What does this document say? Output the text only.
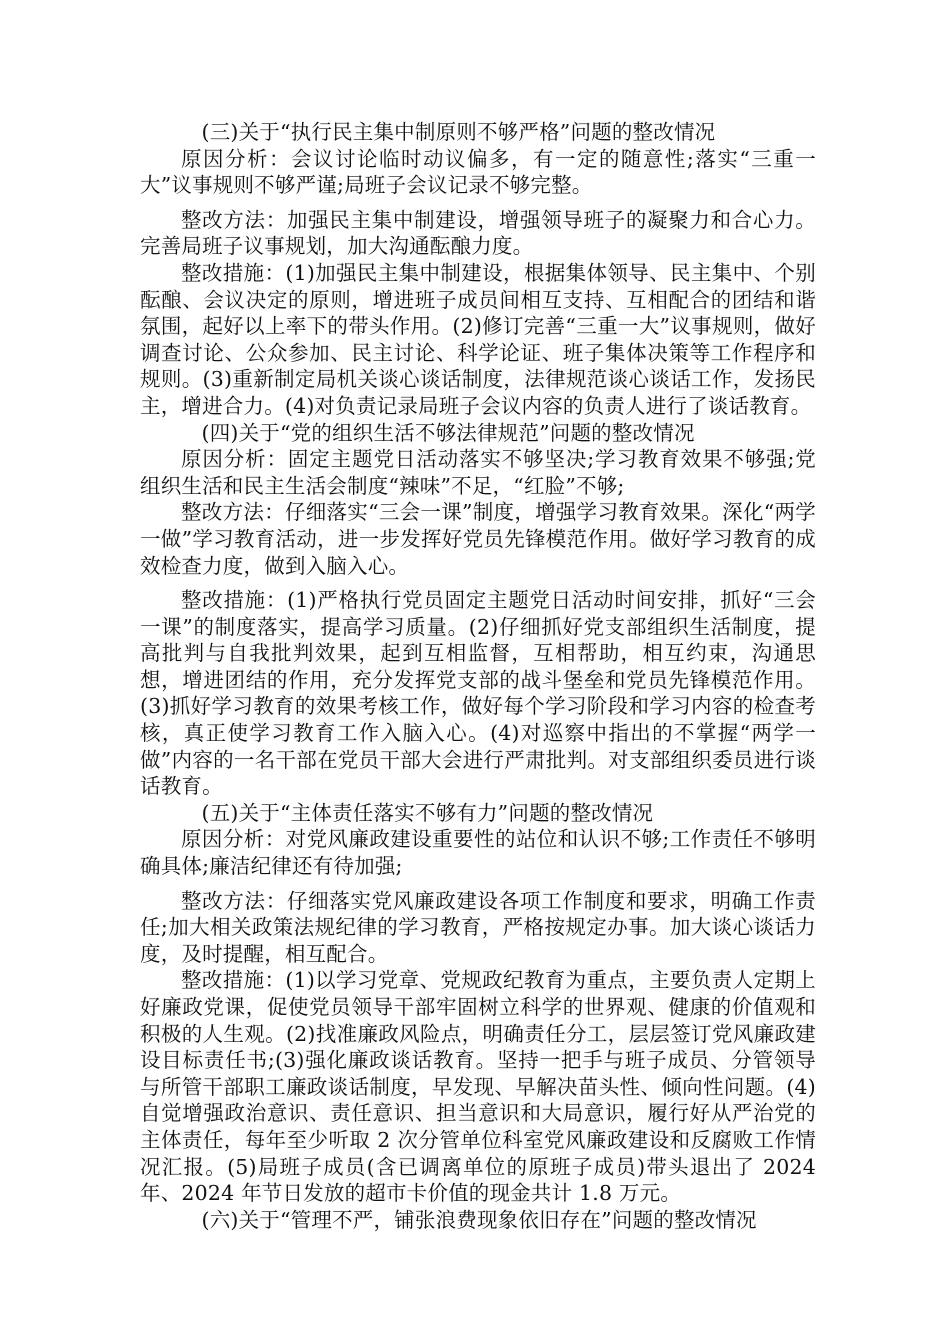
(三)关于“执行民主集中制原则不够严格”问题的整改情况

原因分析：会议讨论临时动议偏多，有一定的随意性;落实“三重一大”议事规则不够严谨;局班子会议记录不够完整。

整改方法：加强民主集中制建设，增强领导班子的凝聚力和合心力。完善局班子议事规划，加大沟通酝酿力度。

整改措施：(1)加强民主集中制建设，根据集体领导、民主集中、个别酝酿、会议决定的原则，增进班子成员间相互支持、互相配合的团结和谐氛围，起好以上率下的带头作用。(2)修订完善“三重一大”议事规则，做好调查讨论、公众参加、民主讨论、科学论证、班子集体决策等工作程序和规则。(3)重新制定局机关谈心谈话制度，法律规范谈心谈话工作，发扬民主，增进合力。(4)对负责记录局班子会议内容的负责人进行了谈话教育。

(四)关于“党的组织生活不够法律规范”问题的整改情况

原因分析：固定主题党日活动落实不够坚决;学习教育效果不够强;党组织生活和民主生活会制度“辣味”不足，“红脸”不够;

整改方法：仔细落实“三会一课”制度，增强学习教育效果。深化“两学一做”学习教育活动，进一步发挥好党员先锋模范作用。做好学习教育的成效检查力度，做到入脑入心。

整改措施：(1)严格执行党员固定主题党日活动时间安排，抓好“三会一课”的制度落实，提高学习质量。(2)仔细抓好党支部组织生活制度，提高批判与自我批判效果，起到互相监督，互相帮助，相互约束，沟通思想，增进团结的作用，充分发挥党支部的战斗堡垒和党员先锋模范作用。(3)抓好学习教育的效果考核工作，做好每个学习阶段和学习内容的检查考核，真正使学习教育工作入脑入心。(4)对巡察中指出的不掌握“两学一做”内容的一名干部在党员干部大会进行严肃批判。对支部组织委员进行谈话教育。

(五)关于“主体责任落实不够有力”问题的整改情况

原因分析：对党风廉政建设重要性的站位和认识不够;工作责任不够明确具体;廉洁纪律还有待加强;

整改方法：仔细落实党风廉政建设各项工作制度和要求，明确工作责任;加大相关政策法规纪律的学习教育，严格按规定办事。加大谈心谈话力度，及时提醒，相互配合。

整改措施：(1)以学习党章、党规政纪教育为重点，主要负责人定期上好廉政党课，促使党员领导干部牢固树立科学的世界观、健康的价值观和积极的人生观。(2)找准廉政风险点，明确责任分工，层层签订党风廉政建设目标责任书;(3)强化廉政谈话教育。坚持一把手与班子成员、分管领导与所管干部职工廉政谈话制度，早发现、早解决苗头性、倾向性问题。(4)自觉增强政治意识、责任意识、担当意识和大局意识，履行好从严治党的主体责任，每年至少听取 2 次分管单位科室党风廉政建设和反腐败工作情况汇报。(5)局班子成员(含已调离单位的原班子成员)带头退出了 2024 年、2024 年节日发放的超市卡价值的现金共计 1.8 万元。

(六)关于“管理不严，铺张浪费现象依旧存在”问题的整改情况
